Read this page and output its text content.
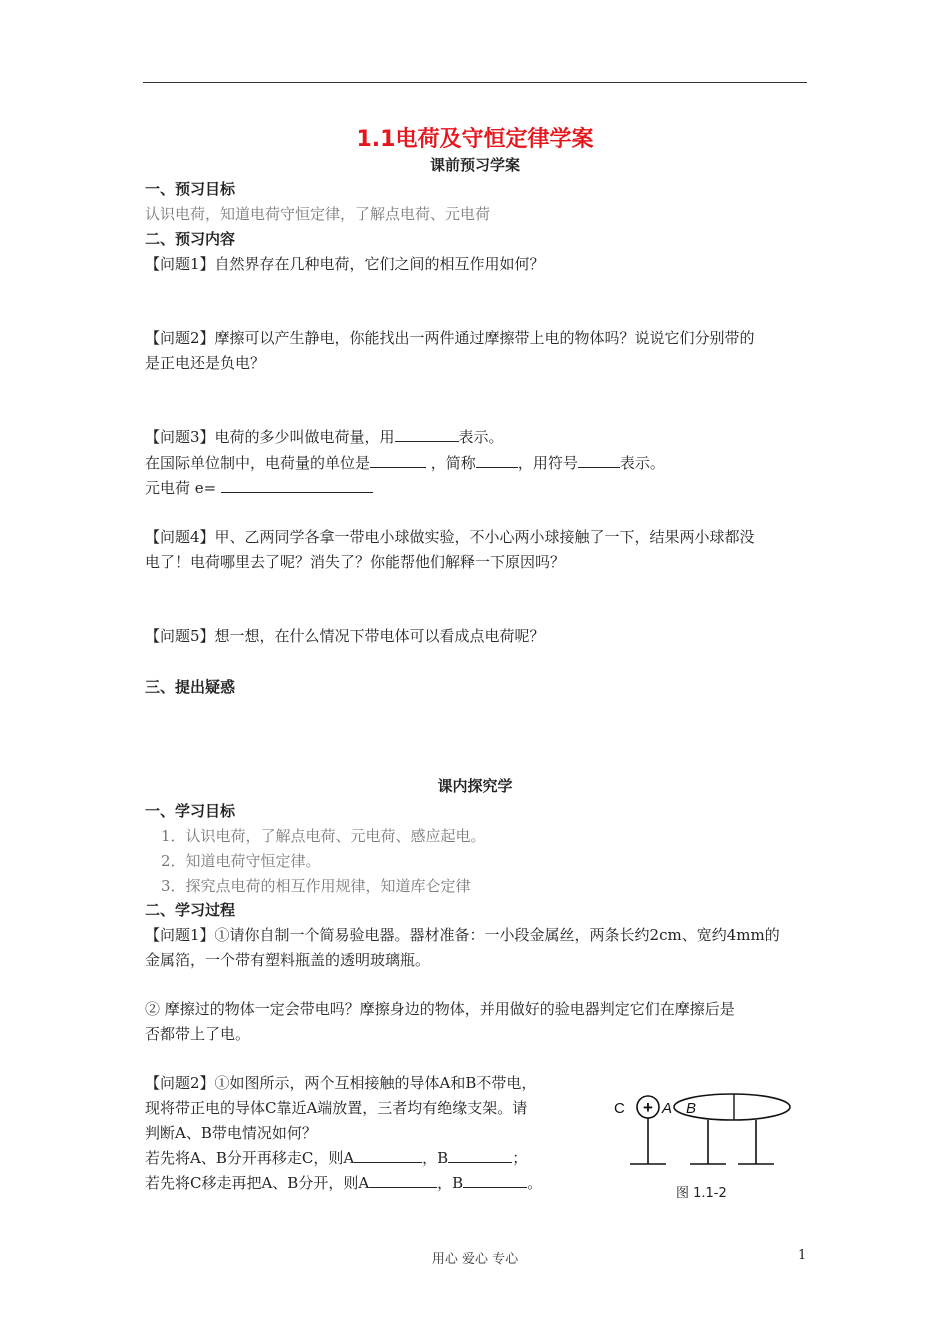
1.1电荷及守恒定律学案
课前预习学案
一、预习目标
认识电荷，知道电荷守恒定律，了解点电荷、元电荷
二、预习内容
【问题1】自然界存在几种电荷，它们之间的相互作用如何？
【问题2】摩擦可以产生静电，你能找出一两件通过摩擦带上电的物体吗？说说它们分别带的
是正电还是负电？
【问题3】电荷的多少叫做电荷量，用	表示。
在国际单位制中，电荷量的单位是	，简称	，用符号	表示。
元电荷 e=
【问题4】甲、乙两同学各拿一带电小球做实验，不小心两小球接触了一下，结果两小球都没
电了！电荷哪里去了呢？消失了？你能帮他们解释一下原因吗？
【问题5】想一想，在什么情况下带电体可以看成点电荷呢？
三、提出疑惑
课内探究学
一、学习目标
1．认识电荷，了解点电荷、元电荷、感应起电。
2．知道电荷守恒定律。
3．探究点电荷的相互作用规律，知道库仑定律
二、学习过程
【问题1】①请你自制一个简易验电器。器材准备：一小段金属丝，两条长约2cm、宽约4mm的
金属箔，一个带有塑料瓶盖的透明玻璃瓶。
② 摩擦过的物体一定会带电吗？摩擦身边的物体，并用做好的验电器判定它们在摩擦后是
否都带上了电。
【问题2】①如图所示，两个互相接触的导体A和B不带电，
现将带正电的导体C靠近A端放置，三者均有绝缘支架。请
判断A、B带电情况如何？
若先将A、B分开再移走C，则A	，B	；
若先将C移走再把A、B分开，则A	，B	。
C + A B
图 1.1-2
用心 爱心 专心	1
